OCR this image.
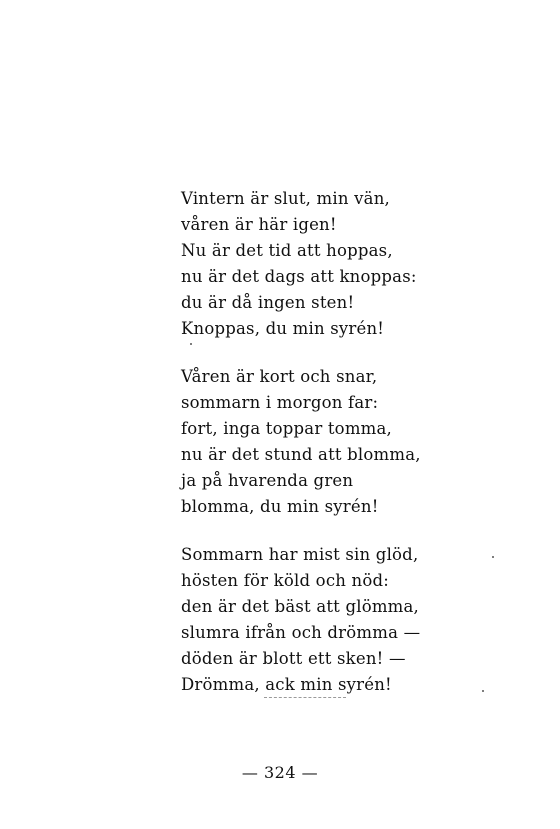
Vintern är slut, min vän,
våren är här igen!
Nu är det tid att hoppas,
nu är det dags att knoppas:
du är då ingen sten!
Knoppas, du min syrén!
Våren är kort och snar,
sommarn i morgon far:
fort, inga toppar tomma,
nu är det stund att blomma,
ja på hvarenda gren
blomma, du min syrén!
Sommarn har mist sin glöd,
hösten för köld och nöd:
den är det bäst att glömma,
slumra ifrån och drömma —
döden är blott ett sken! —
Drömma, ack min syrén!
— 324 —
